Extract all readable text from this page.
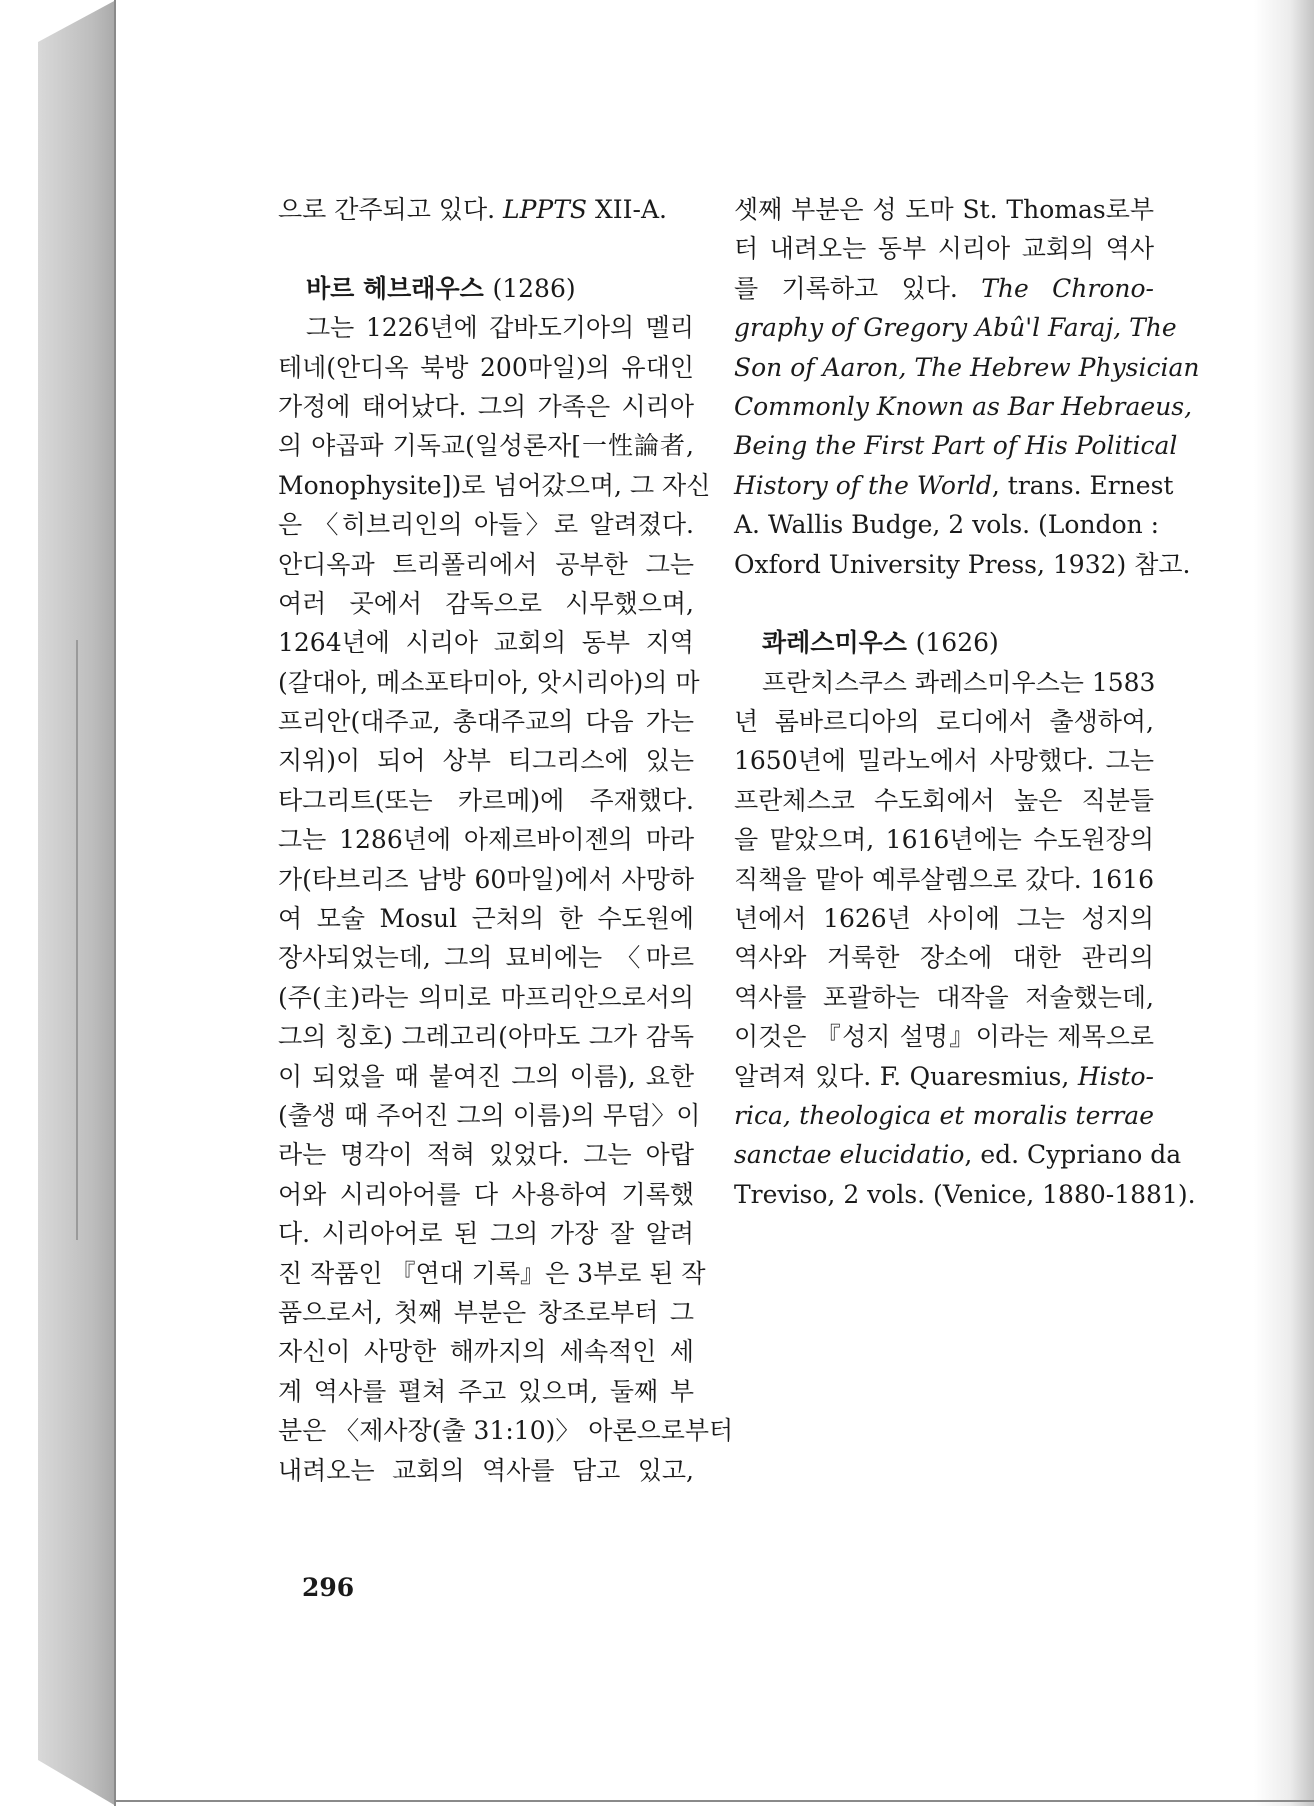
으로 간주되고 있다. LPPTS XII-A.
바르 헤브래우스 (1286)
그는 1226년에 갑바도기아의 멜리
테네(안디옥 북방 200마일)의 유대인
가정에 태어났다. 그의 가족은 시리아
의 야곱파 기독교(일성론자[一性論者,
Monophysite])로 넘어갔으며, 그 자신
은 〈히브리인의 아들〉로 알려졌다.
안디옥과 트리폴리에서 공부한 그는
여러 곳에서 감독으로 시무했으며,
1264년에 시리아 교회의 동부 지역
(갈대아, 메소포타미아, 앗시리아)의 마
프리안(대주교, 총대주교의 다음 가는
지위)이 되어 상부 티그리스에 있는
타그리트(또는 카르메)에 주재했다.
그는 1286년에 아제르바이젠의 마라
가(타브리즈 남방 60마일)에서 사망하
여 모술 Mosul 근처의 한 수도원에
장사되었는데, 그의 묘비에는 〈마르
(주(主)라는 의미로 마프리안으로서의
그의 칭호) 그레고리(아마도 그가 감독
이 되었을 때 붙여진 그의 이름), 요한
(출생 때 주어진 그의 이름)의 무덤〉이
라는 명각이 적혀 있었다. 그는 아랍
어와 시리아어를 다 사용하여 기록했
다. 시리아어로 된 그의 가장 잘 알려
진 작품인 『연대 기록』은 3부로 된 작
품으로서, 첫째 부분은 창조로부터 그
자신이 사망한 해까지의 세속적인 세
계 역사를 펼쳐 주고 있으며, 둘째 부
분은 〈제사장(출 31:10)〉 아론으로부터
내려오는 교회의 역사를 담고 있고,
셋째 부분은 성 도마 St. Thomas로부
터 내려오는 동부 시리아 교회의 역사
를 기록하고 있다. The Chrono-
graphy of Gregory Abû'l Faraj, The
Son of Aaron, The Hebrew Physician
Commonly Known as Bar Hebraeus,
Being the First Part of His Political
History of the World, trans. Ernest
A. Wallis Budge, 2 vols. (London :
Oxford University Press, 1932) 참고.
콰레스미우스 (1626)
프란치스쿠스 콰레스미우스는 1583
년 롬바르디아의 로디에서 출생하여,
1650년에 밀라노에서 사망했다. 그는
프란체스코 수도회에서 높은 직분들
을 맡았으며, 1616년에는 수도원장의
직책을 맡아 예루살렘으로 갔다. 1616
년에서 1626년 사이에 그는 성지의
역사와 거룩한 장소에 대한 관리의
역사를 포괄하는 대작을 저술했는데,
이것은 『성지 설명』이라는 제목으로
알려져 있다. F. Quaresmius, Histo-
rica, theologica et moralis terrae
sanctae elucidatio, ed. Cypriano da
Treviso, 2 vols. (Venice, 1880-1881).
296
